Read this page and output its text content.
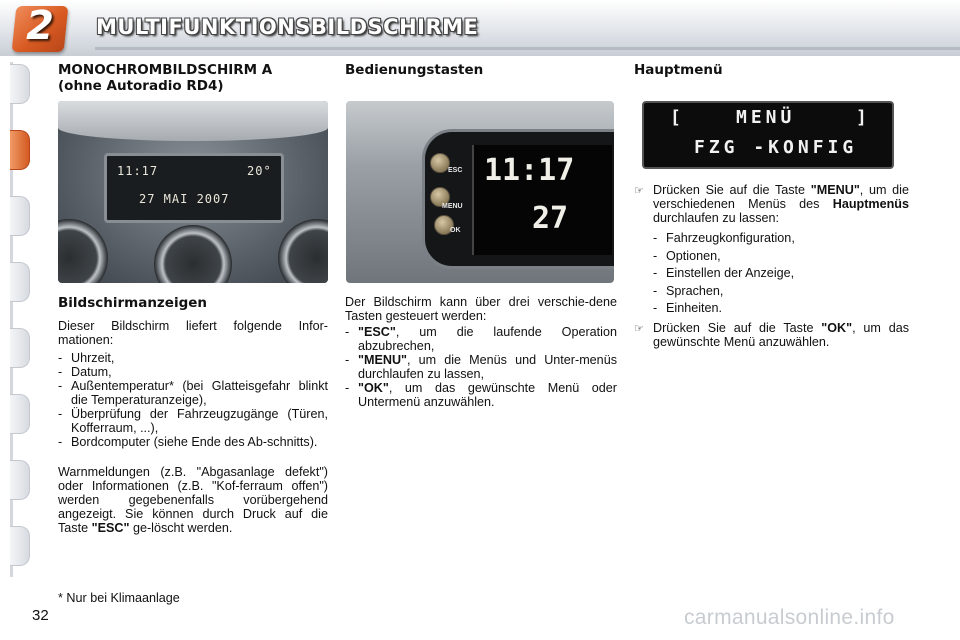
2	MULTIFUNKTIONSBILDSCHIRME
MONOCHROMBILDSCHIRM A
(ohne Autoradio RD4)
11:17	20°
27 MAI 2007
Bildschirmanzeigen

Dieser Bildschirm liefert folgende Infor-mationen:

- Uhrzeit,
- Datum,
- Außentemperatur* (bei Glatteisgefahr blinkt die Temperaturanzeige),
- Überprüfung der Fahrzeugzugänge (Türen, Kofferraum, ...),
- Bordcomputer (siehe Ende des Ab-schnitts).

Warnmeldungen (z.B. "Abgasanlage defekt") oder Informationen (z.B. "Kof-ferraum offen") werden gegebenenfalls vorübergehend angezeigt. Sie können durch Druck auf die Taste "ESC" ge-löscht werden.

Bedienungstasten
ESC
MENU
OK
11:17
27

Der Bildschirm kann über drei verschie-dene Tasten gesteuert werden:

- "ESC", um die laufende Operation abzubrechen,
- "MENU", um die Menüs und Unter-menüs durchlaufen zu lassen,
- "OK", um das gewünschte Menü oder Untermenü anzuwählen.
Hauptmenü
[	MENÜ	]
FZG -KONFIG

☞ Drücken Sie auf die Taste "MENU", um die verschiedenen Menüs des Hauptmenüs durchlaufen zu lassen:

- Fahrzeugkonfiguration,
- Optionen,
- Einstellen der Anzeige,
- Sprachen,
- Einheiten.

☞ Drücken Sie auf die Taste "OK", um das gewünschte Menü anzuwählen.

* Nur bei Klimaanlage
32	carmanualsonline.info
